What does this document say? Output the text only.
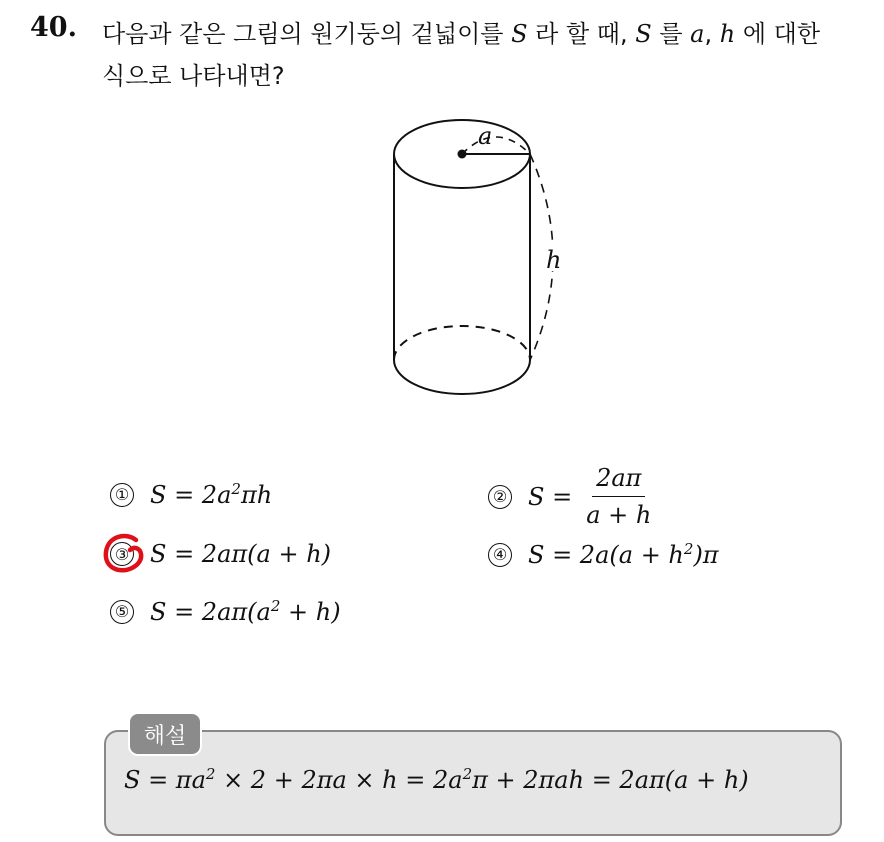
40. 다음과 같은 그림의 원기둥의 겉넓이를 S 라 할 때, S 를 a, h 에 대한
식으로 나타내면?
a
h
① $S = 2a^2\pi h$	② $S = \frac{2a\pi}{a + h}$
③ S = 2aπ(a + h)	④ $S = 2a(a + h^2)\pi$
⑤ $S = 2a\pi(a^2 + h)$
해설
$S = \pi a^2 \times 2 + 2\pi a \times h = 2a^2\pi + 2\pi ah = 2a\pi(a + h)$
